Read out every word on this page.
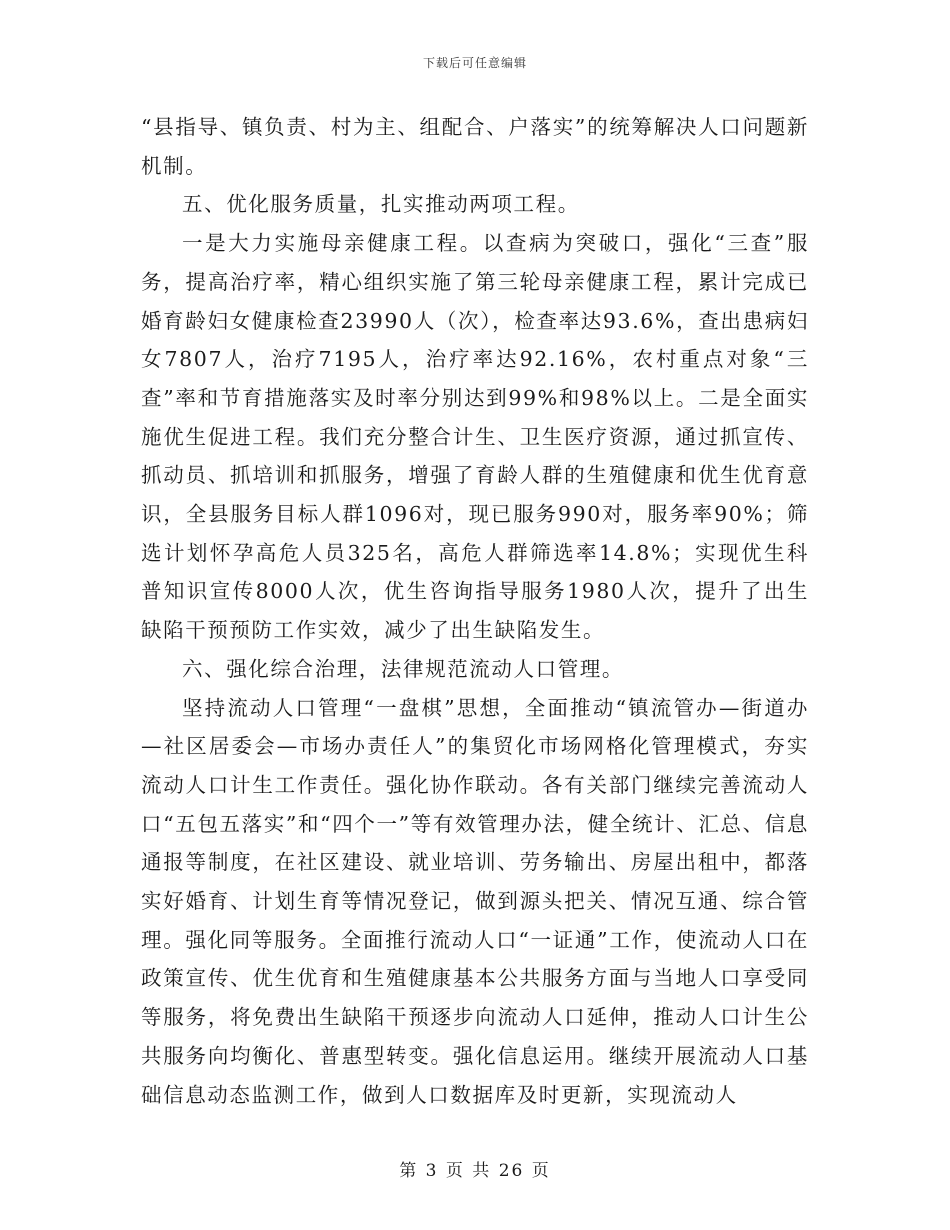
下载后可任意编辑

“县指导、镇负责、村为主、组配合、户落实”的统筹解决人口问题新机制。

五、优化服务质量，扎实推动两项工程。

一是大力实施母亲健康工程。以查病为突破口，强化“三查”服务，提高治疗率，精心组织实施了第三轮母亲健康工程，累计完成已婚育龄妇女健康检查23990人（次），检查率达93.6%，查出患病妇女7807人，治疗7195人，治疗率达92.16%，农村重点对象“三查”率和节育措施落实及时率分别达到99%和98%以上。二是全面实施优生促进工程。我们充分整合计生、卫生医疗资源，通过抓宣传、抓动员、抓培训和抓服务，增强了育龄人群的生殖健康和优生优育意识，全县服务目标人群1096对，现已服务990对，服务率90%；筛选计划怀孕高危人员325名，高危人群筛选率14.8%；实现优生科普知识宣传8000人次，优生咨询指导服务1980人次，提升了出生缺陷干预预防工作实效，减少了出生缺陷发生。

六、强化综合治理，法律规范流动人口管理。

坚持流动人口管理“一盘棋”思想，全面推动“镇流管办—街道办—社区居委会—市场办责任人”的集贸化市场网格化管理模式，夯实流动人口计生工作责任。强化协作联动。各有关部门继续完善流动人口“五包五落实”和“四个一”等有效管理办法，健全统计、汇总、信息通报等制度，在社区建设、就业培训、劳务输出、房屋出租中，都落实好婚育、计划生育等情况登记，做到源头把关、情况互通、综合管理。强化同等服务。全面推行流动人口“一证通”工作，使流动人口在政策宣传、优生优育和生殖健康基本公共服务方面与当地人口享受同等服务，将免费出生缺陷干预逐步向流动人口延伸，推动人口计生公共服务向均衡化、普惠型转变。强化信息运用。继续开展流动人口基础信息动态监测工作，做到人口数据库及时更新，实现流动人

第 3 页 共 26 页
